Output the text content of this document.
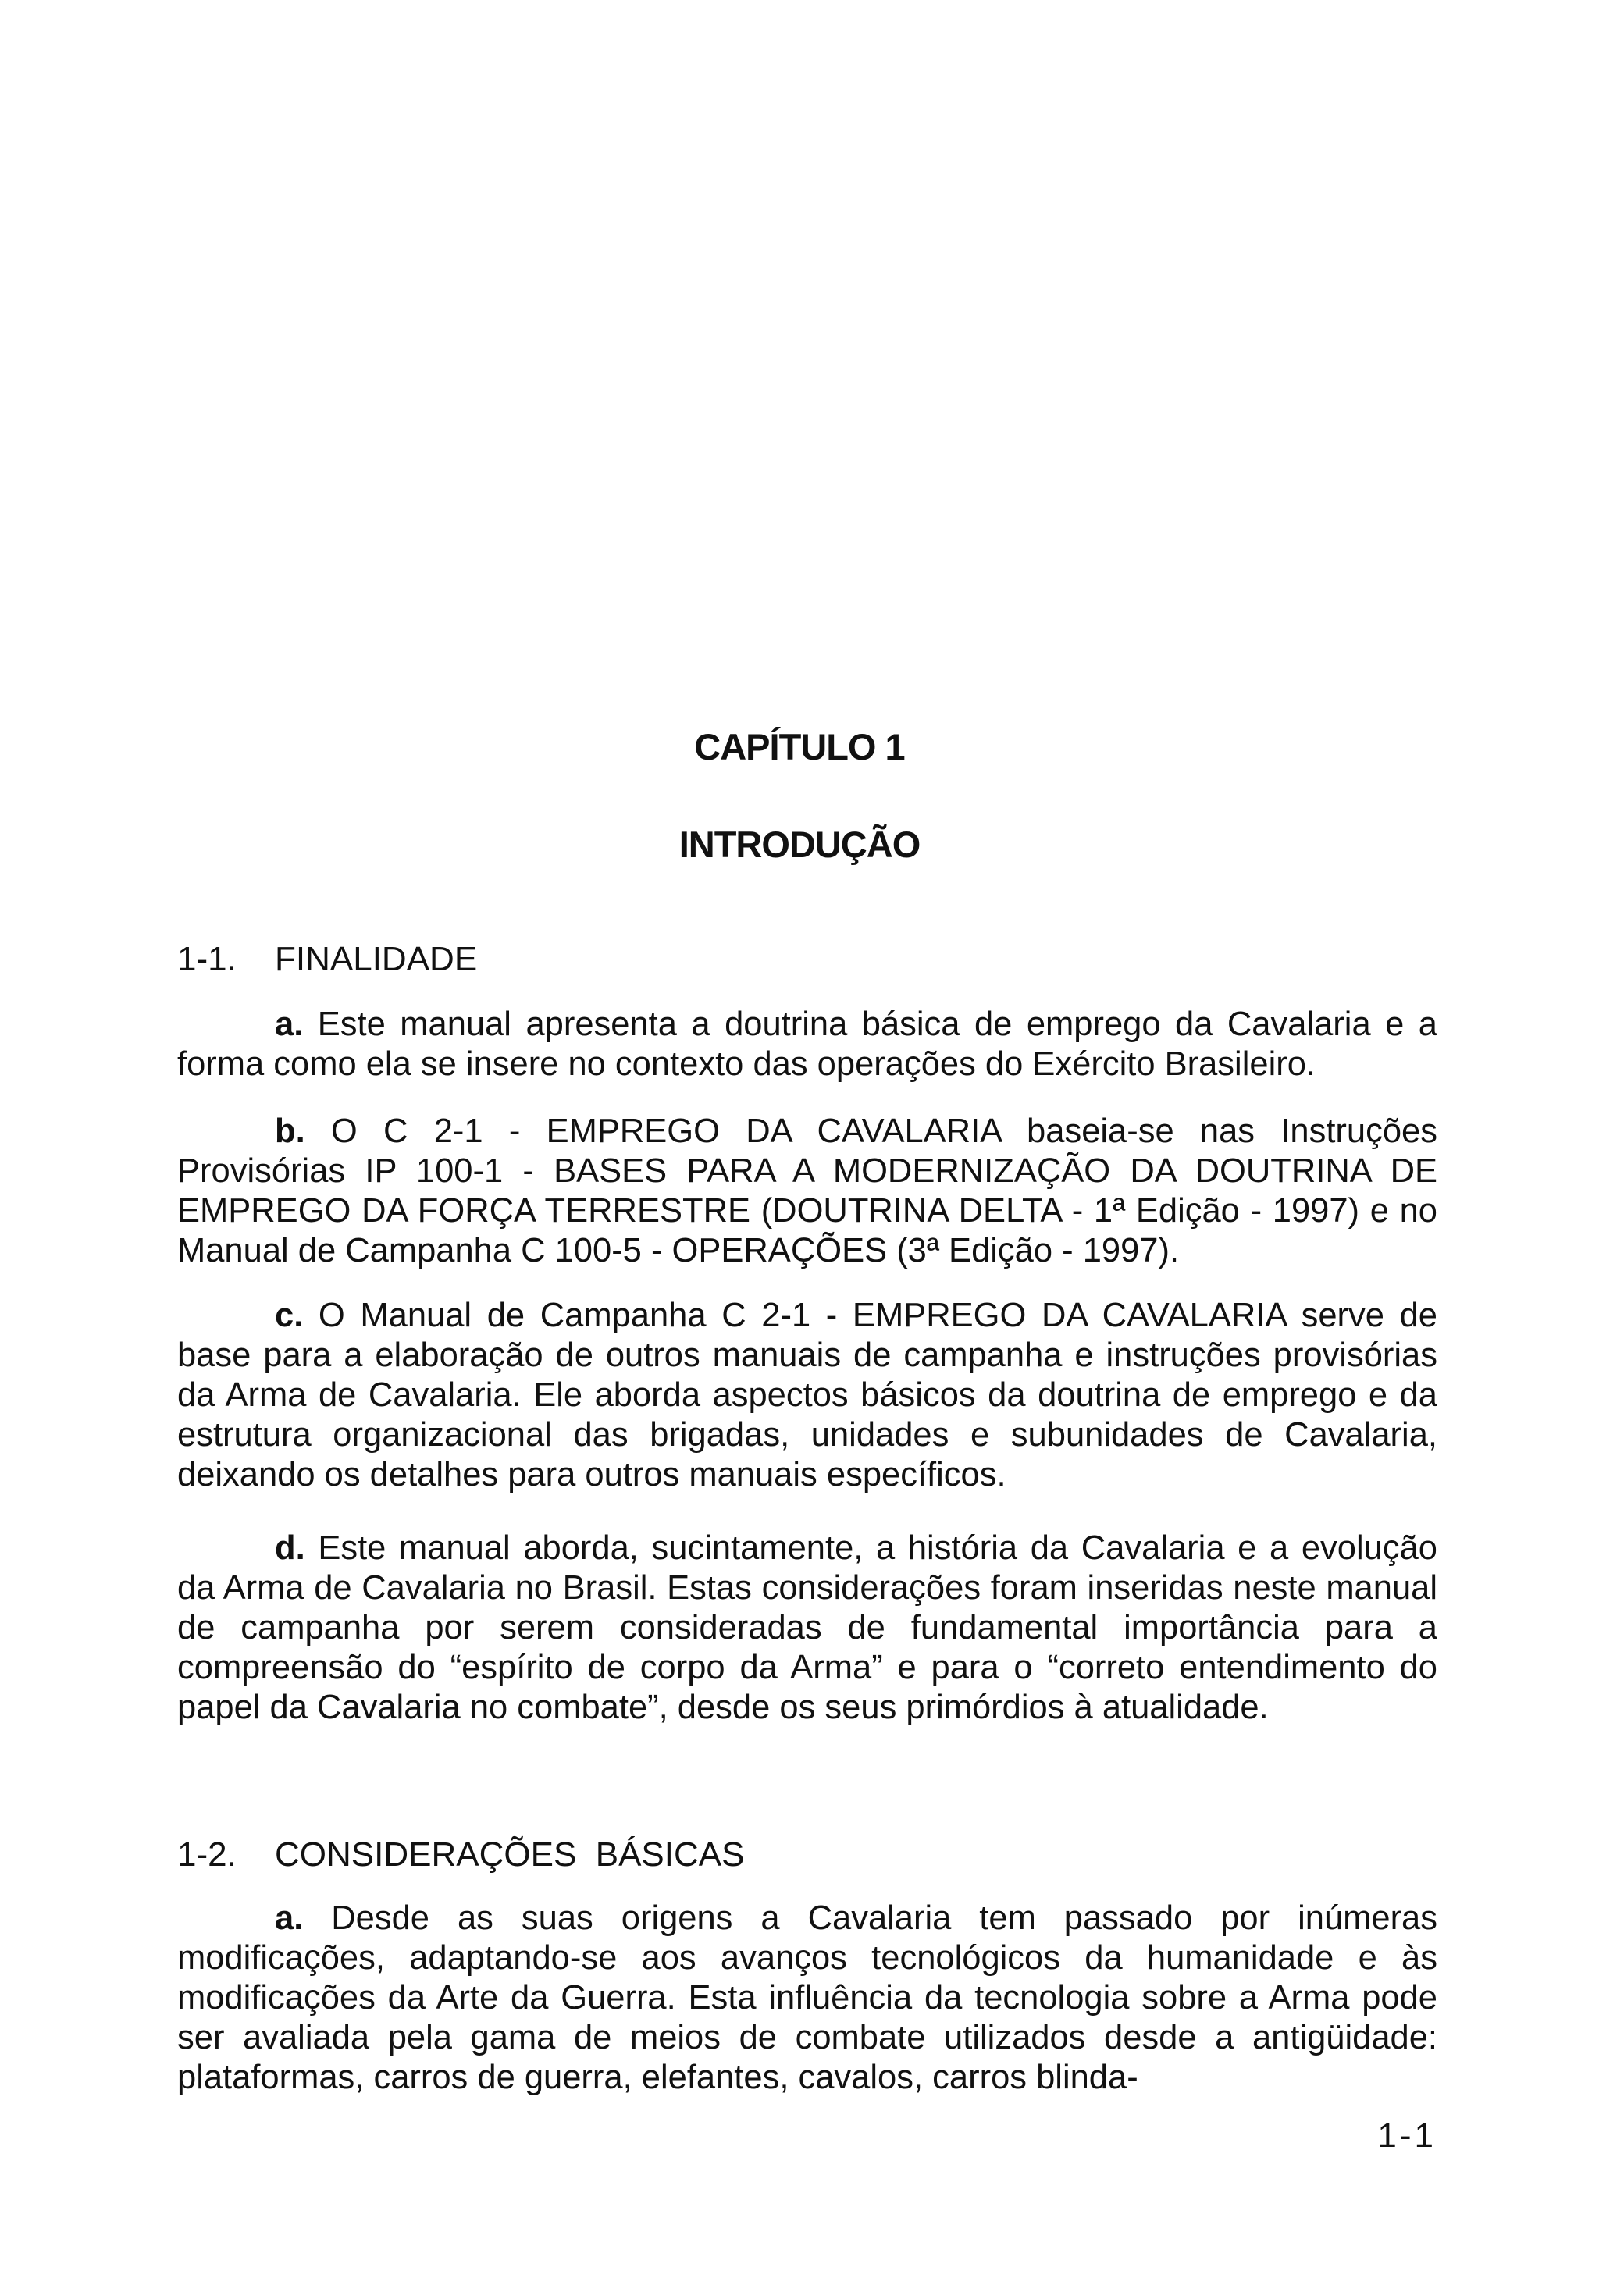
CAPÍTULO 1
INTRODUÇÃO
1-1. FINALIDADE

a. Este manual apresenta a doutrina básica de emprego da Cavalaria e a forma como ela se insere no contexto das operações do Exército Brasileiro.

b. O C 2-1 - EMPREGO DA CAVALARIA baseia-se nas Instruções Provisórias IP 100-1 - BASES PARA A MODERNIZAÇÃO DA DOUTRINA DE EMPREGO DA FORÇA TERRESTRE (DOUTRINA DELTA - 1ª Edição - 1997) e no Manual de Campanha C 100-5 - OPERAÇÕES (3ª Edição - 1997).

c. O Manual de Campanha C 2-1 - EMPREGO DA CAVALARIA serve de base para a elaboração de outros manuais de campanha e instruções provisórias da Arma de Cavalaria. Ele aborda aspectos básicos da doutrina de emprego e da estrutura organizacional das brigadas, unidades e subunidades de Cavalaria, deixando os detalhes para outros manuais específicos.

d. Este manual aborda, sucintamente, a história da Cavalaria e a evolução da Arma de Cavalaria no Brasil. Estas considerações foram inseridas neste manual de campanha por serem consideradas de fundamental importância para a compreensão do “espírito de corpo da Arma” e para o “correto entendimento do papel da Cavalaria no combate”, desde os seus primórdios à atualidade.

1-2. CONSIDERAÇÕES  BÁSICAS

a. Desde as suas origens a Cavalaria tem passado por inúmeras modificações, adaptando-se aos avanços tecnológicos da humanidade e às modificações da Arte da Guerra. Esta influência da tecnologia sobre a Arma pode ser avaliada pela gama de meios de combate utilizados desde a antigüidade: plataformas, carros de guerra, elefantes, cavalos, carros blinda-

1-1
